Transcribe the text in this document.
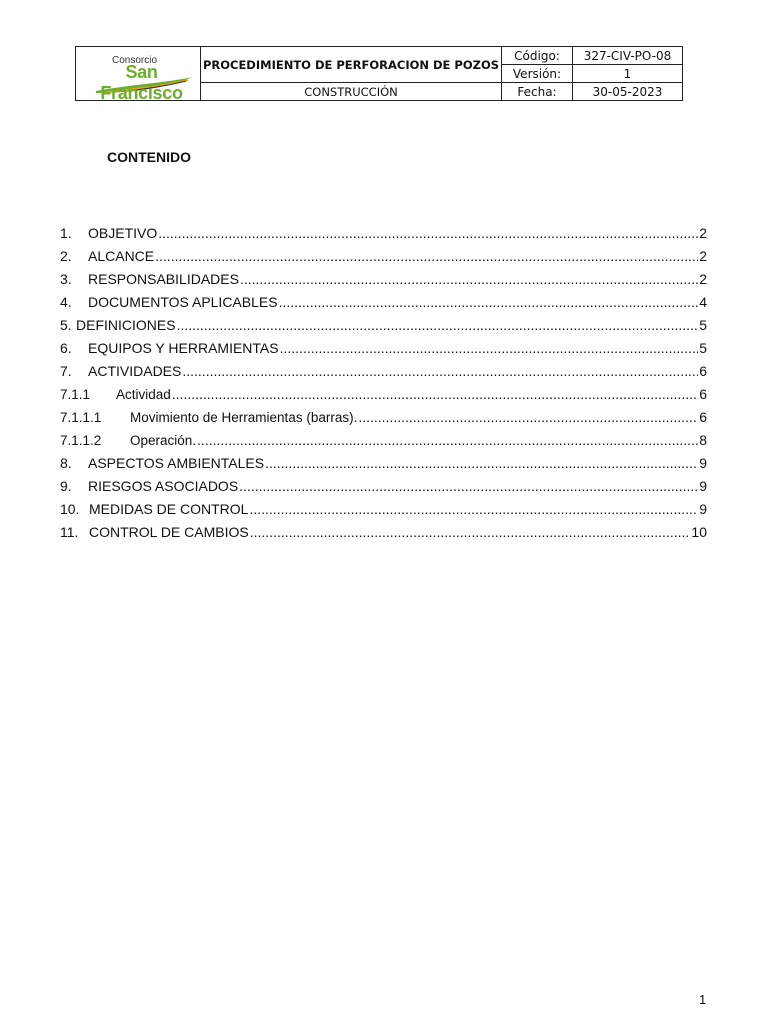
Consorcio
San Francisco	PROCEDIMIENTO DE PERFORACION DE POZOS	Código:	327-CIV-PO-08
		Versión:	1
	CONSTRUCCIÓN	Fecha:	30-05-2023
CONTENIDO
1.	OBJETIVO .....	2
2.	ALCANCE .....	2
3.	RESPONSABILIDADES .....	2
4.	DOCUMENTOS APLICABLES .....	4
5. DEFINICIONES .....	5
6.	EQUIPOS Y HERRAMIENTAS .....	5
7.	ACTIVIDADES .....	6
7.1.1	Actividad .....	6
7.1.1.1	Movimiento de Herramientas (barras). .....	6
7.1.1.2	Operación. .....	8
8.	ASPECTOS AMBIENTALES .....	9
9.	RIESGOS ASOCIADOS .....	9
10. MEDIDAS DE CONTROL .....	9
11. CONTROL DE CAMBIOS .....	10
1
